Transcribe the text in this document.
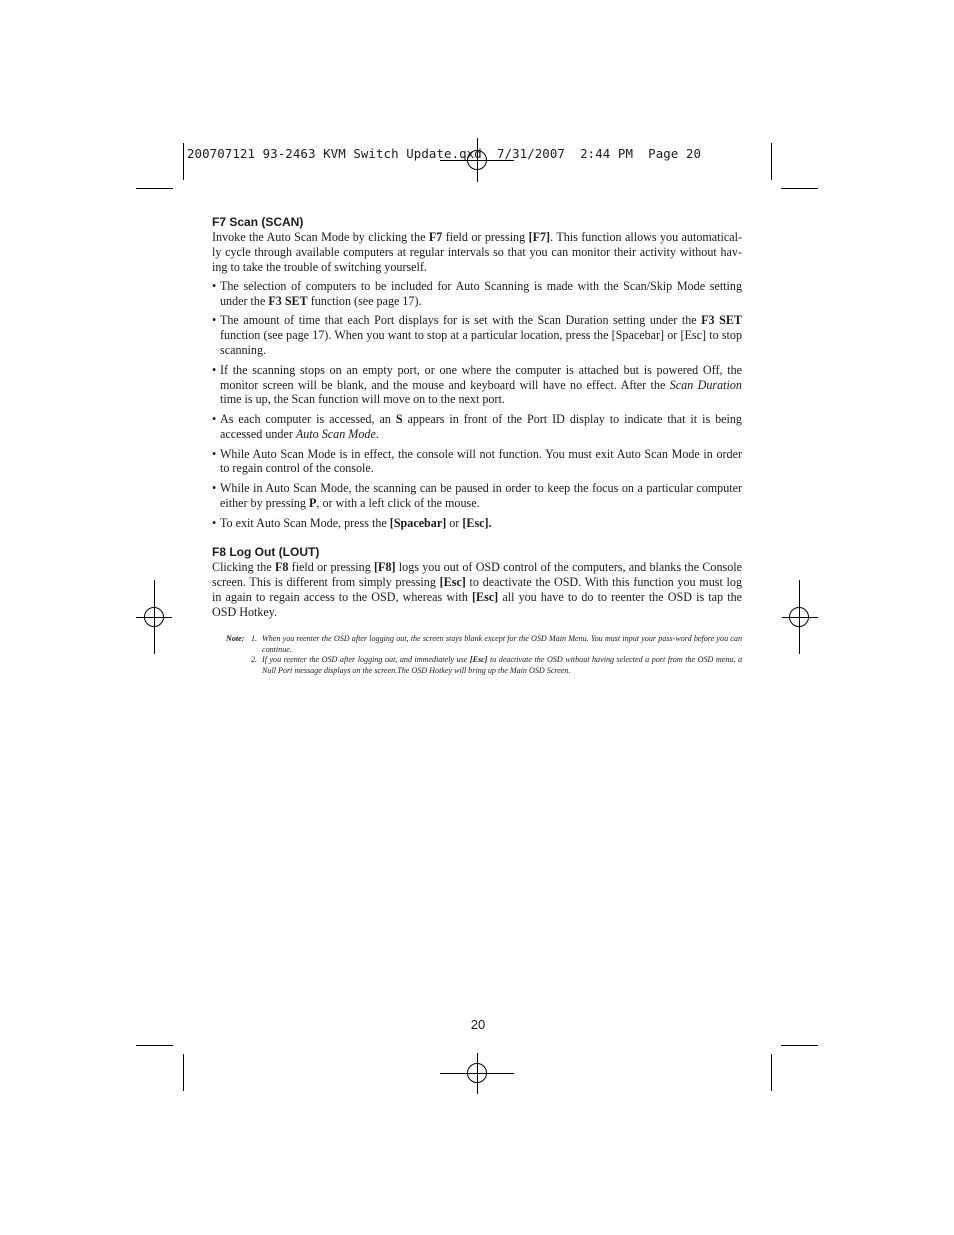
200707121 93-2463 KVM Switch Update.qxd  7/31/2007  2:44 PM  Page 20
F7 Scan (SCAN)

Invoke the Auto Scan Mode by clicking the F7 field or pressing [F7]. This function allows you automatical-ly cycle through available computers at regular intervals so that you can monitor their activity without hav-ing to take the trouble of switching yourself.

• The selection of computers to be included for Auto Scanning is made with the Scan/Skip Mode setting under the F3 SET function (see page 17).
• The amount of time that each Port displays for is set with the Scan Duration setting under the F3 SET function (see page 17). When you want to stop at a particular location, press the [Spacebar] or [Esc] to stop scanning.
• If the scanning stops on an empty port, or one where the computer is attached but is powered Off, the monitor screen will be blank, and the mouse and keyboard will have no effect. After the Scan Duration time is up, the Scan function will move on to the next port.
• As each computer is accessed, an S appears in front of the Port ID display to indicate that it is being accessed under Auto Scan Mode.
• While Auto Scan Mode is in effect, the console will not function. You must exit Auto Scan Mode in order to regain control of the console.
• While in Auto Scan Mode, the scanning can be paused in order to keep the focus on a particular computer either by pressing P, or with a left click of the mouse.
• To exit Auto Scan Mode, press the [Spacebar] or [Esc].
F8 Log Out (LOUT)

Clicking the F8 field or pressing [F8] logs you out of OSD control of the computers, and blanks the Console screen. This is different from simply pressing [Esc] to deactivate the OSD. With this function you must log in again to regain access to the OSD, whereas with [Esc] all you have to do to reenter the OSD is tap the OSD Hotkey.

Note: 1. When you reenter the OSD after logging out, the screen stays blank except for the OSD Main Menu. You must input your pass-word before you can continue.
2. If you reenter the OSD after logging out, and immediately use [Esc] to deactivate the OSD without having selected a port from the OSD menu, a Null Port message displays on the screen.The OSD Hotkey will bring up the Main OSD Screen.
20
